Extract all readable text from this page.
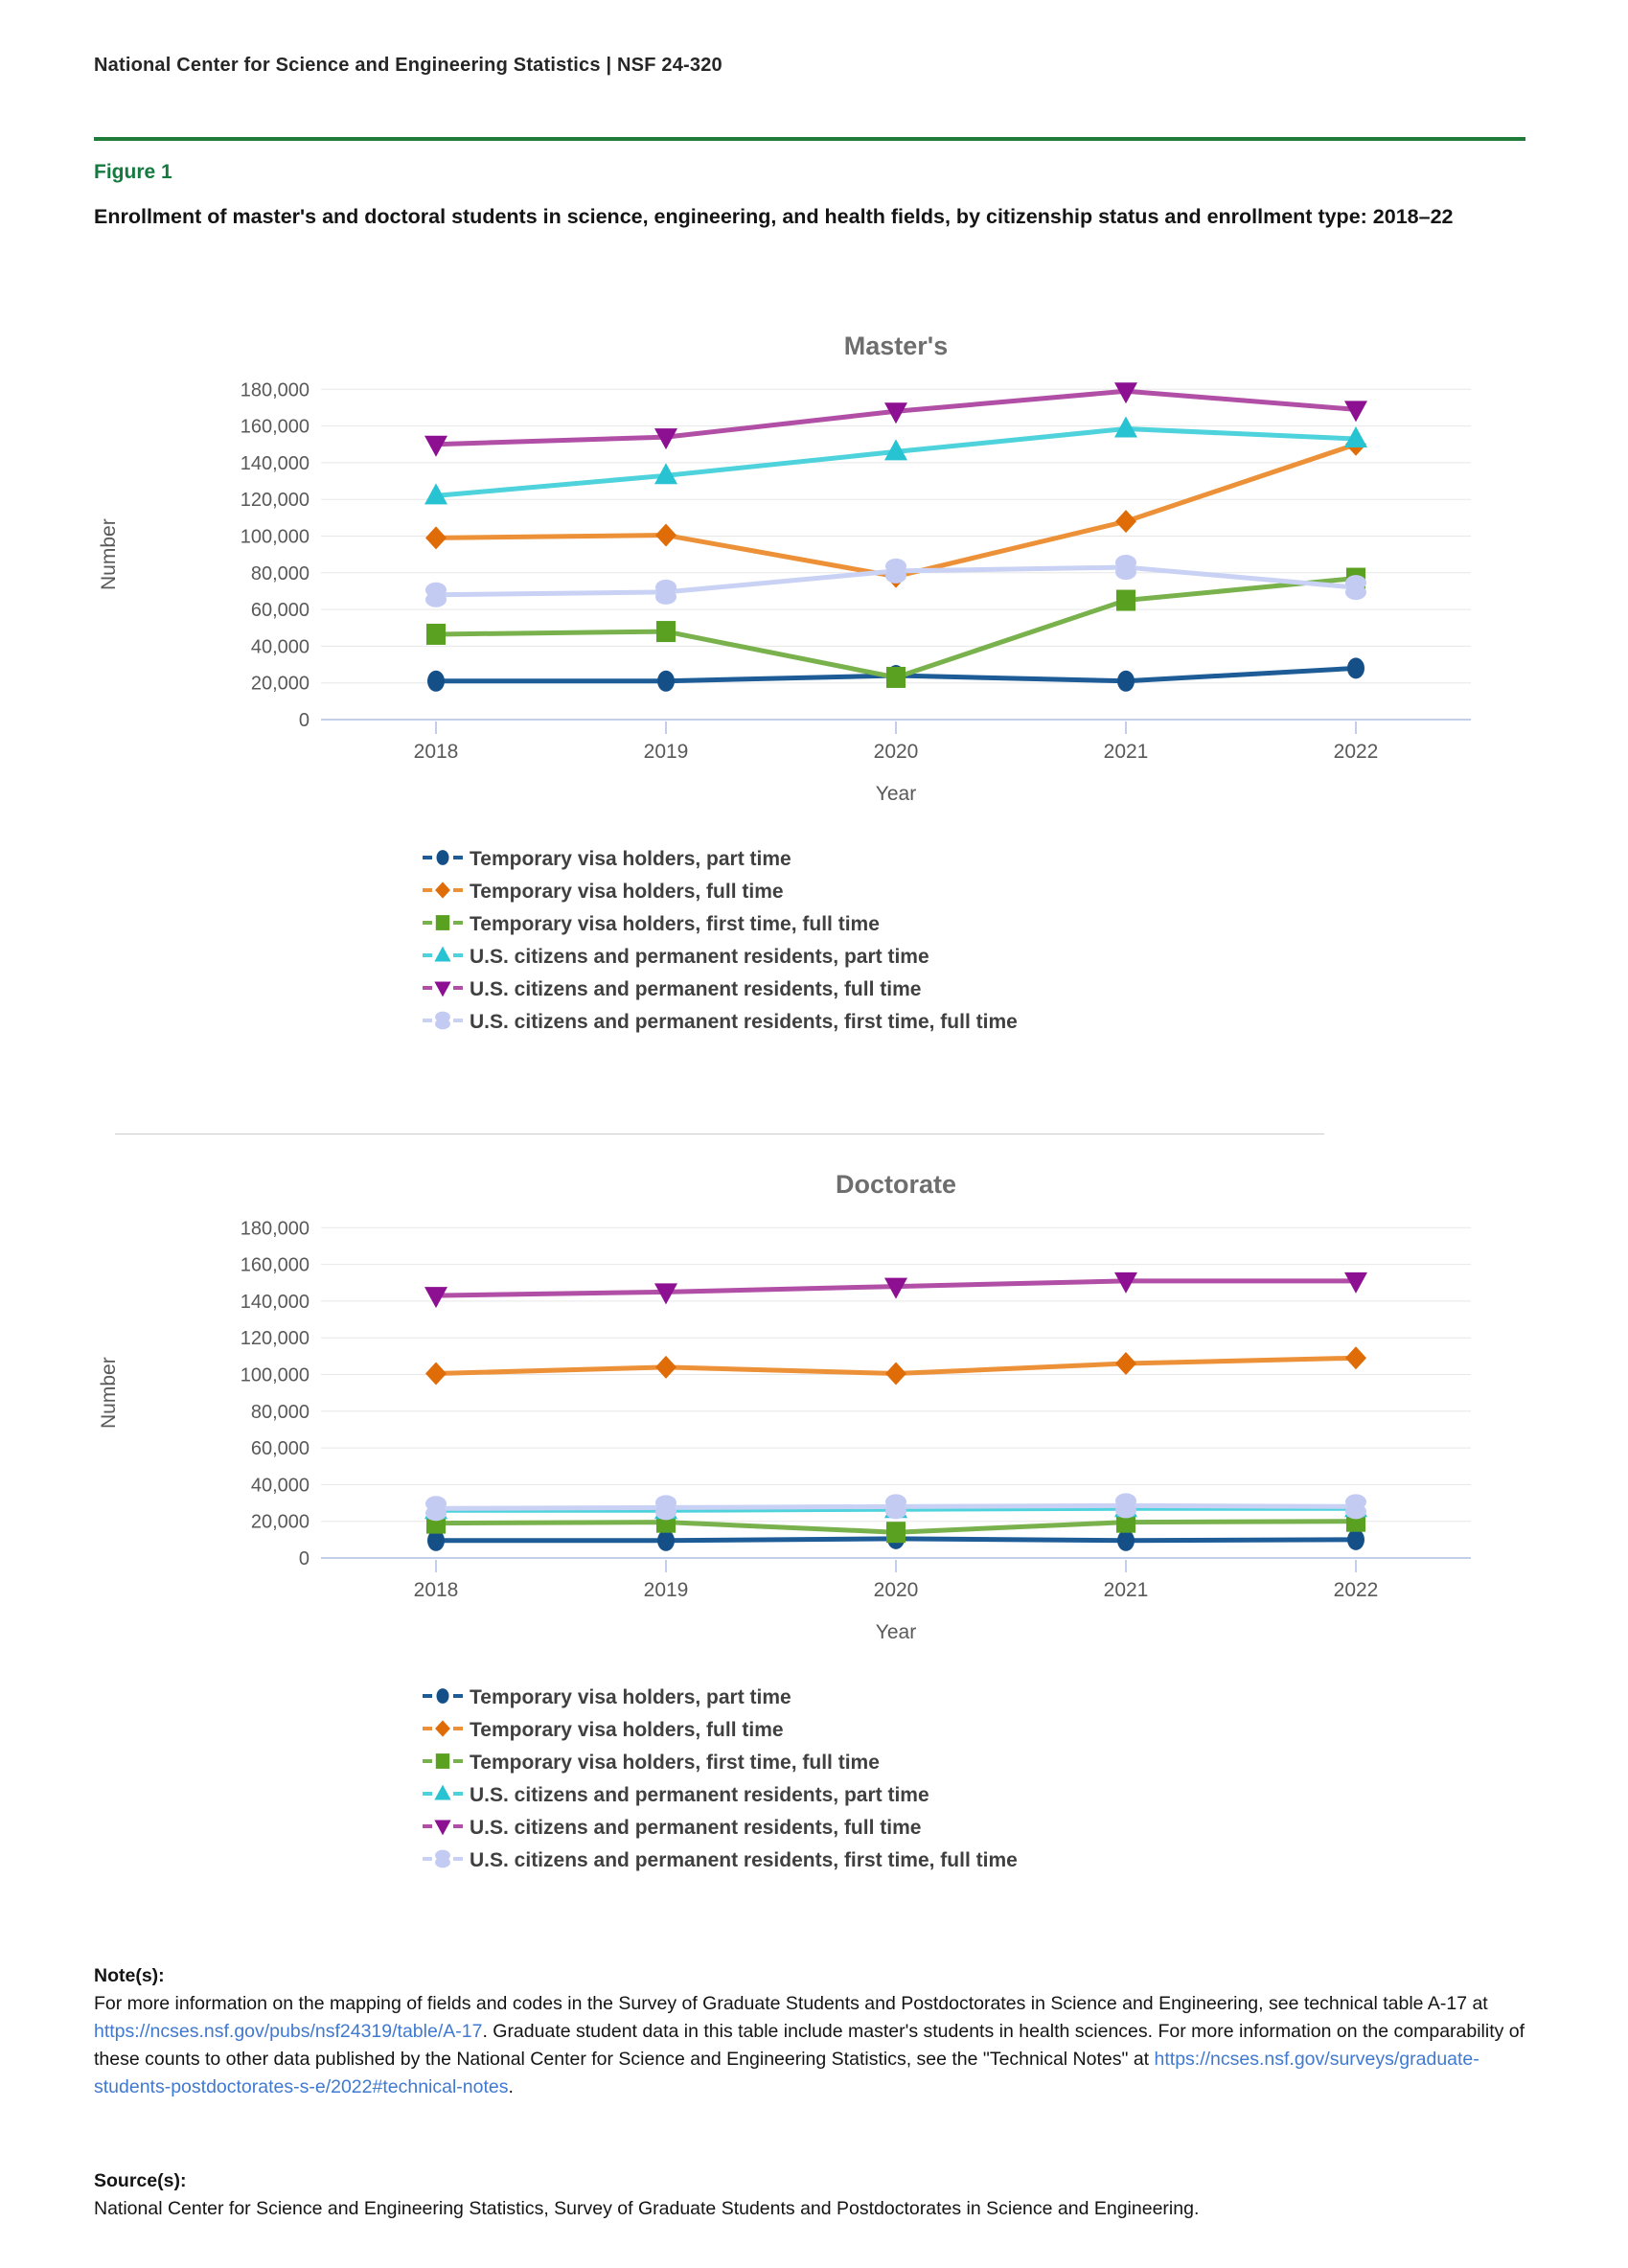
National Center for Science and Engineering Statistics | NSF 24-320
Figure 1
Enrollment of master's and doctoral students in science, engineering, and health fields, by citizenship status and enrollment type: 2018–22
Master's
Number
0
20,000
40,000
60,000
80,000
100,000
120,000
140,000
160,000
180,000
2018	2019	2020	2021	2022
Year
Temporary visa holders, part time
Temporary visa holders, full time
Temporary visa holders, first time, full time
U.S. citizens and permanent residents, part time
U.S. citizens and permanent residents, full time
U.S. citizens and permanent residents, first time, full time
Doctorate
Number
0
20,000
40,000
60,000
80,000
100,000
120,000
140,000
160,000
180,000
2018	2019	2020	2021	2022
Year
Temporary visa holders, part time
Temporary visa holders, full time
Temporary visa holders, first time, full time
U.S. citizens and permanent residents, part time
U.S. citizens and permanent residents, full time
U.S. citizens and permanent residents, first time, full time
Note(s):
For more information on the mapping of fields and codes in the Survey of Graduate Students and Postdoctorates in Science and Engineering, see technical table A-17 at https://ncses.nsf.gov/pubs/nsf24319/table/A-17. Graduate student data in this table include master's students in health sciences. For more information on the comparability of these counts to other data published by the National Center for Science and Engineering Statistics, see the "Technical Notes" at https://ncses.nsf.gov/surveys/graduate-students-postdoctorates-s-e/2022#technical-notes.
Source(s):
National Center for Science and Engineering Statistics, Survey of Graduate Students and Postdoctorates in Science and Engineering.
